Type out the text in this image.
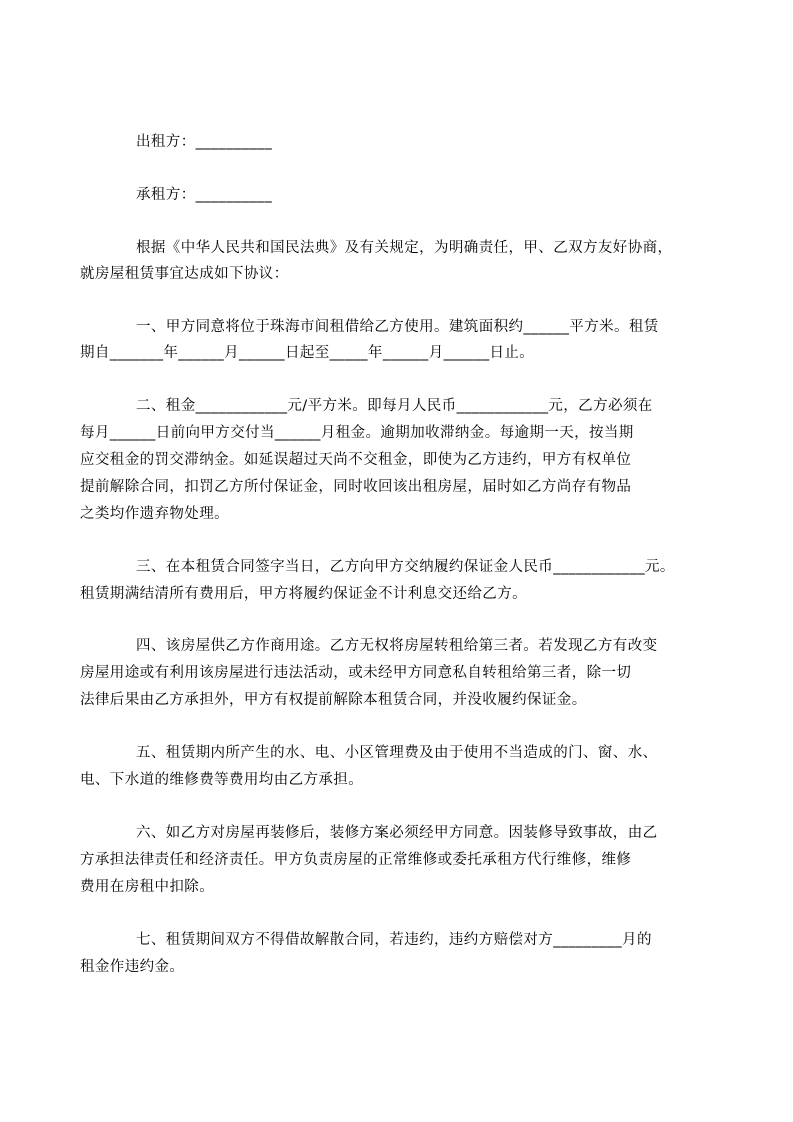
出租方：__________
承租方：__________
根据《中华人民共和国民法典》及有关规定，为明确责任，甲、乙双方友好协商，
就房屋租赁事宜达成如下协议：
一、甲方同意将位于珠海市间租借给乙方使用。建筑面积约______平方米。租赁
期自_______年______月______日起至_____年______月______日止。
二、租金____________元/平方米。即每月人民币____________元，乙方必须在
每月______日前向甲方交付当______月租金。逾期加收滞纳金。每逾期一天，按当期
应交租金的罚交滞纳金。如延误超过天尚不交租金，即使为乙方违约，甲方有权单位
提前解除合同，扣罚乙方所付保证金，同时收回该出租房屋，届时如乙方尚存有物品
之类均作遗弃物处理。
三、在本租赁合同签字当日，乙方向甲方交纳履约保证金人民币____________元。
租赁期满结清所有费用后，甲方将履约保证金不计利息交还给乙方。
四、该房屋供乙方作商用途。乙方无权将房屋转租给第三者。若发现乙方有改变
房屋用途或有利用该房屋进行违法活动，或未经甲方同意私自转租给第三者，除一切
法律后果由乙方承担外，甲方有权提前解除本租赁合同，并没收履约保证金。
五、租赁期内所产生的水、电、小区管理费及由于使用不当造成的门、窗、水、
电、下水道的维修费等费用均由乙方承担。
六、如乙方对房屋再装修后，装修方案必须经甲方同意。因装修导致事故，由乙
方承担法律责任和经济责任。甲方负责房屋的正常维修或委托承租方代行维修，维修
费用在房租中扣除。
七、租赁期间双方不得借故解散合同，若违约，违约方赔偿对方_________月的
租金作违约金。
